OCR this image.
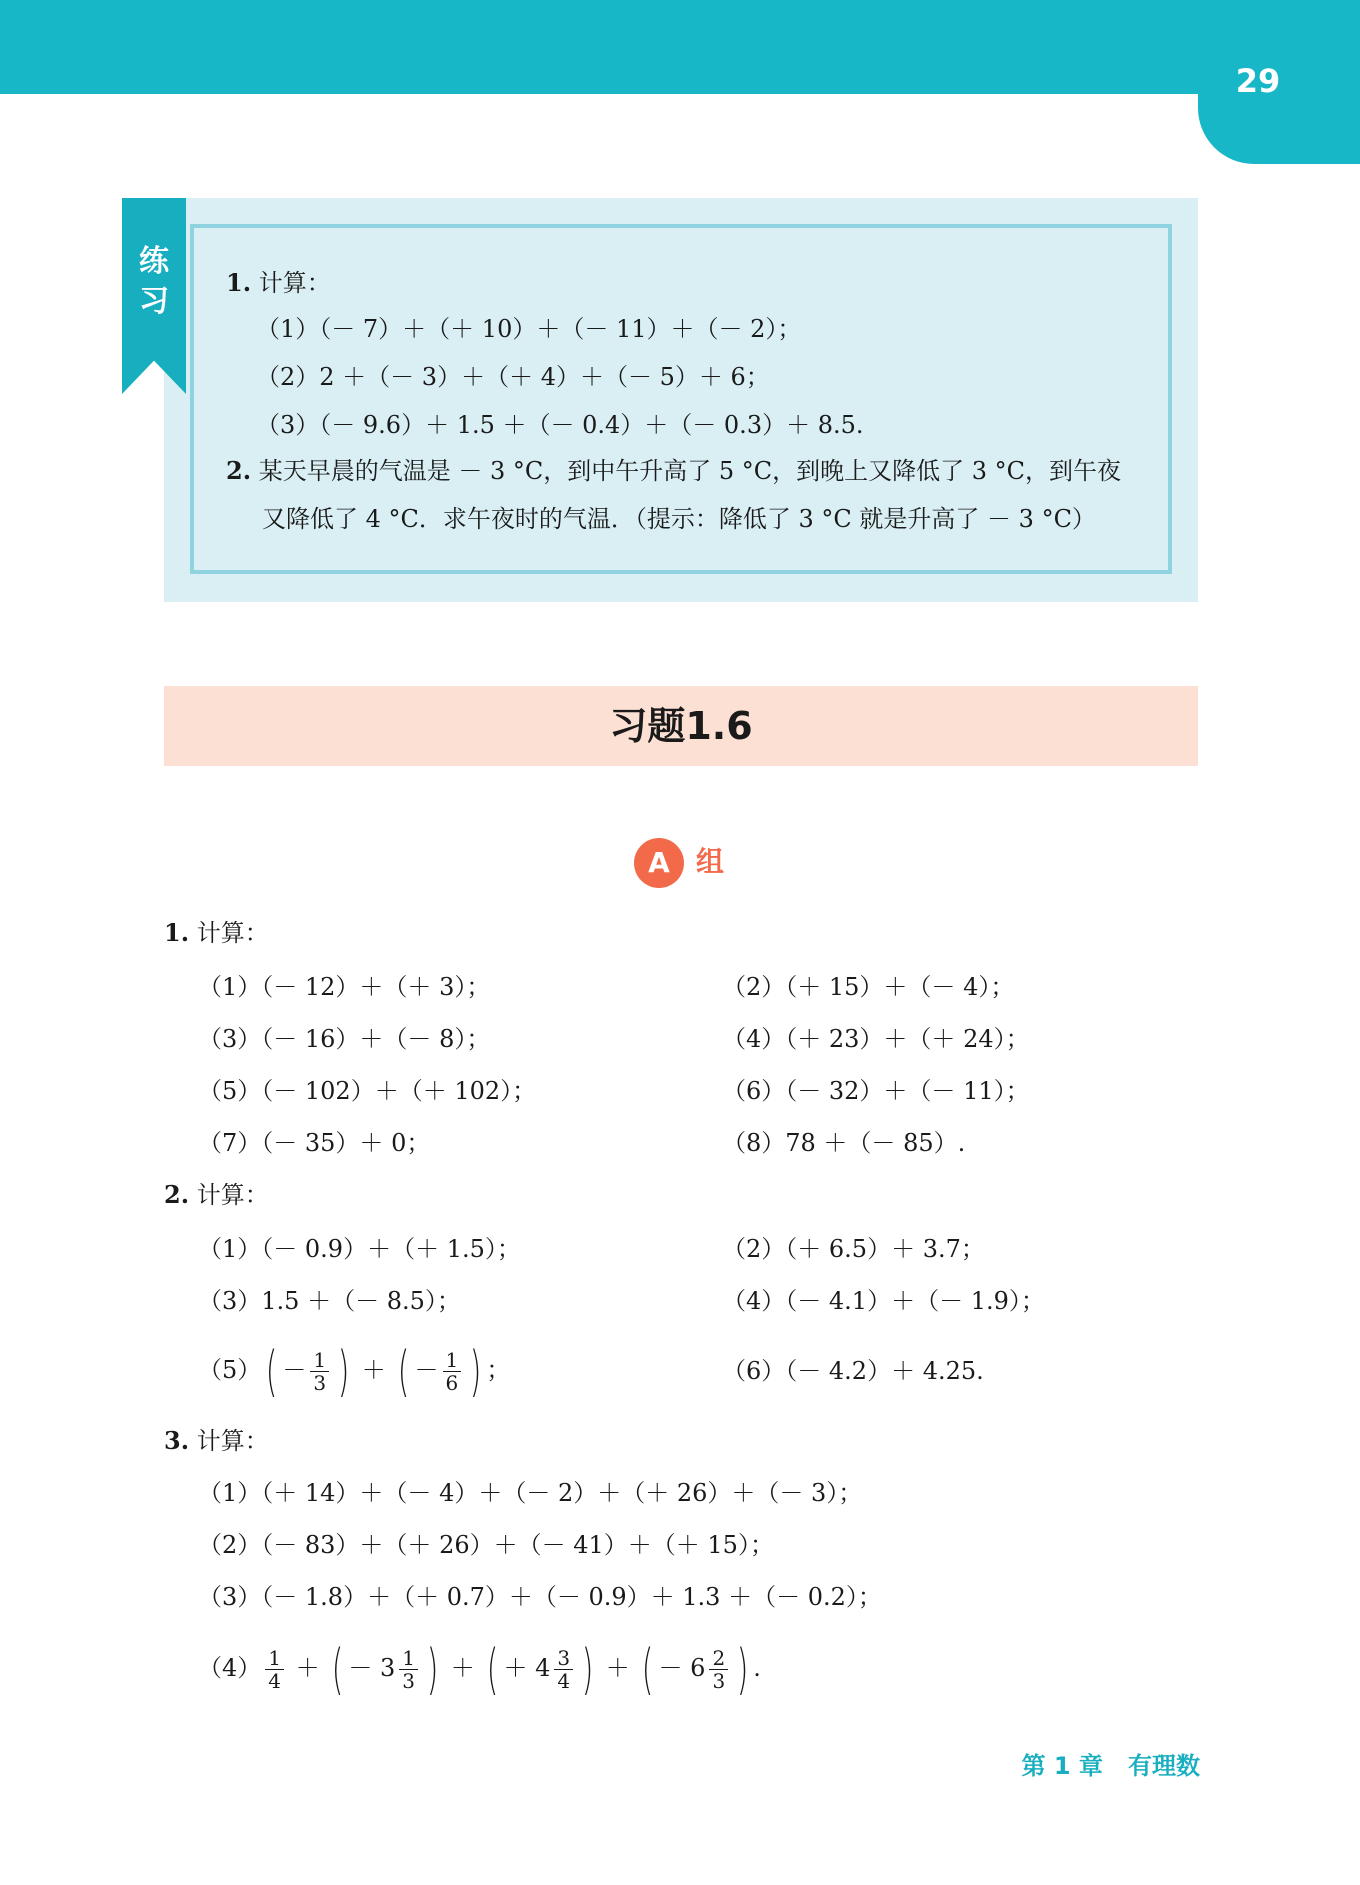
29
练
习
1. 计算：
（1）（－ 7）＋（＋ 10）＋（－ 11）＋（－ 2）；
（2）2 ＋（－ 3）＋（＋ 4）＋（－ 5）＋ 6；
（3）（－ 9.6）＋ 1.5 ＋（－ 0.4）＋（－ 0.3）＋ 8.5.
2. 某天早晨的气温是 － 3 °C，到中午升高了 5 °C，到晚上又降低了 3 °C，到午夜
又降低了 4 °C．求午夜时的气温．（提示：降低了 3 °C 就是升高了 － 3 °C）
习题1.6
A 组
1. 计算：
（1）（－ 12）＋（＋ 3）；	（2）（＋ 15）＋（－ 4）；
（3）（－ 16）＋（－ 8）；	（4）（＋ 23）＋（＋ 24）；
（5）（－ 102）＋（＋ 102）；	（6）（－ 32）＋（－ 11）；
（7）（－ 35）＋ 0；	（8）78 ＋（－ 85）.
2. 计算：
（1）（－ 0.9）＋（＋ 1.5）；	（2）（＋ 6.5）＋ 3.7；
（3）1.5 ＋（－ 8.5）；	（4）（－ 4.1）＋（－ 1.9）；
$(5)( - \frac{1}{3}$ ) ＋ ( － $\frac{1}{6}$ ) ；	（6）（－ 4.2）＋ 4.25.
3. 计算：
（1）（＋ 14）＋（－ 4）＋（－ 2）＋（＋ 26）＋（－ 3）；
（2）（－ 83）＋（＋ 26）＋（－ 41）＋（＋ 15）；
（3）（－ 1.8）＋（＋ 0.7）＋（－ 0.9）＋ 1.3 ＋（－ 0.2）；
$(4) \frac{1}{4}$ ＋ ( － $3 \frac{1}{3}$ ) ＋ ( ＋ $4 \frac{3}{4}$ ) ＋ ( － $6 \frac{2}{3}$ ) .
第 1 章 有理数
